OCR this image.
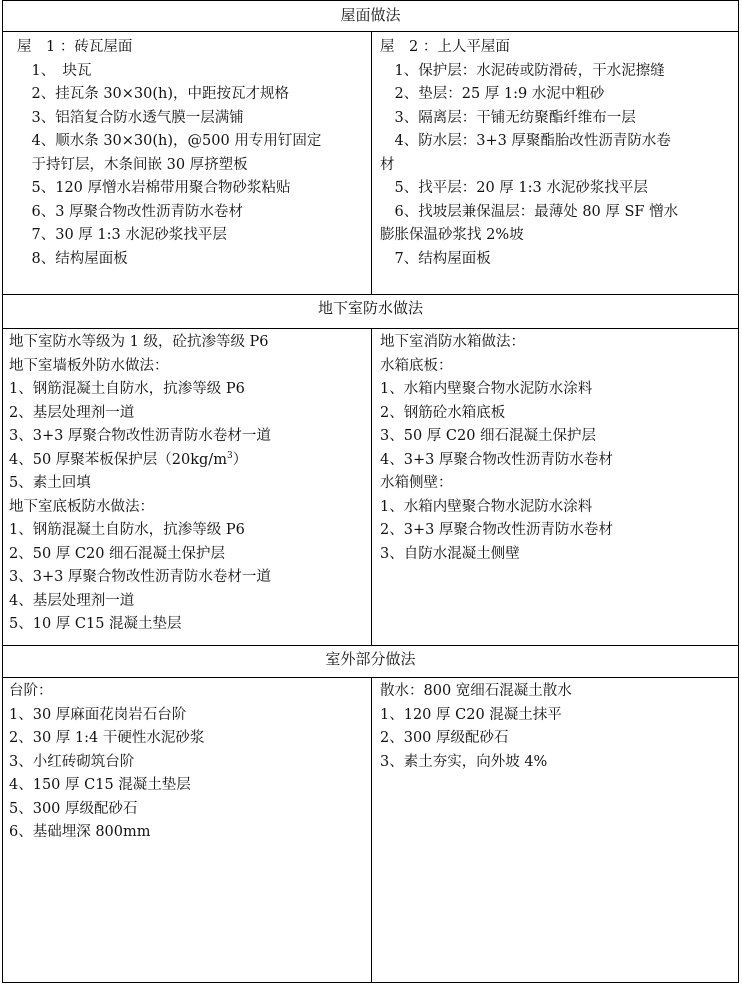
屋面做法
屋　1 ：砖瓦屋面
　1、　块瓦
　2、挂瓦条 30×30(h)，中距按瓦才规格
　3、铝箔复合防水透气膜一层满铺
　4、顺水条 30×30(h)，@500 用专用钉固定
　于持钉层，木条间嵌 30 厚挤塑板
　5、120 厚憎水岩棉带用聚合物砂浆粘贴
　6、3 厚聚合物改性沥青防水卷材
　7、30 厚 1:3 水泥砂浆找平层
　8、结构屋面板
屋　2 ：上人平屋面
　1、保护层：水泥砖或防滑砖，干水泥擦缝
　2、垫层：25 厚 1:9 水泥中粗砂
　3、隔离层：干铺无纺聚酯纤维布一层
　4、防水层：3+3 厚聚酯胎改性沥青防水卷
材
　5、找平层：20 厚 1:3 水泥砂浆找平层
　6、找坡层兼保温层：最薄处 80 厚 SF 憎水
膨胀保温砂浆找 2%坡
　7、结构屋面板
地下室防水做法
地下室防水等级为 1 级，砼抗渗等级 P6
地下室墙板外防水做法：
1、钢筋混凝土自防水，抗渗等级 P6
2、基层处理剂一道
3、3+3 厚聚合物改性沥青防水卷材一道
4、50 厚聚苯板保护层$(20kg/m^3)$
5、素土回填
地下室底板防水做法：
1、钢筋混凝土自防水，抗渗等级 P6
2、50 厚 C20 细石混凝土保护层
3、3+3 厚聚合物改性沥青防水卷材一道
4、基层处理剂一道
5、10 厚 C15 混凝土垫层
地下室消防水箱做法：
水箱底板：
1、水箱内壁聚合物水泥防水涂料
2、钢筋砼水箱底板
3、50 厚 C20 细石混凝土保护层
4、3+3 厚聚合物改性沥青防水卷材
水箱侧壁：
1、水箱内壁聚合物水泥防水涂料
2、3+3 厚聚合物改性沥青防水卷材
3、自防水混凝土侧壁
室外部分做法
台阶：
1、30 厚麻面花岗岩石台阶
2、30 厚 1:4 干硬性水泥砂浆
3、小红砖砌筑台阶
4、150 厚 C15 混凝土垫层
5、300 厚级配砂石
6、基础埋深 800mm
散水：800 宽细石混凝土散水
1、120 厚 C20 混凝土抹平
2、300 厚级配砂石
3、素土夯实，向外坡 4%
